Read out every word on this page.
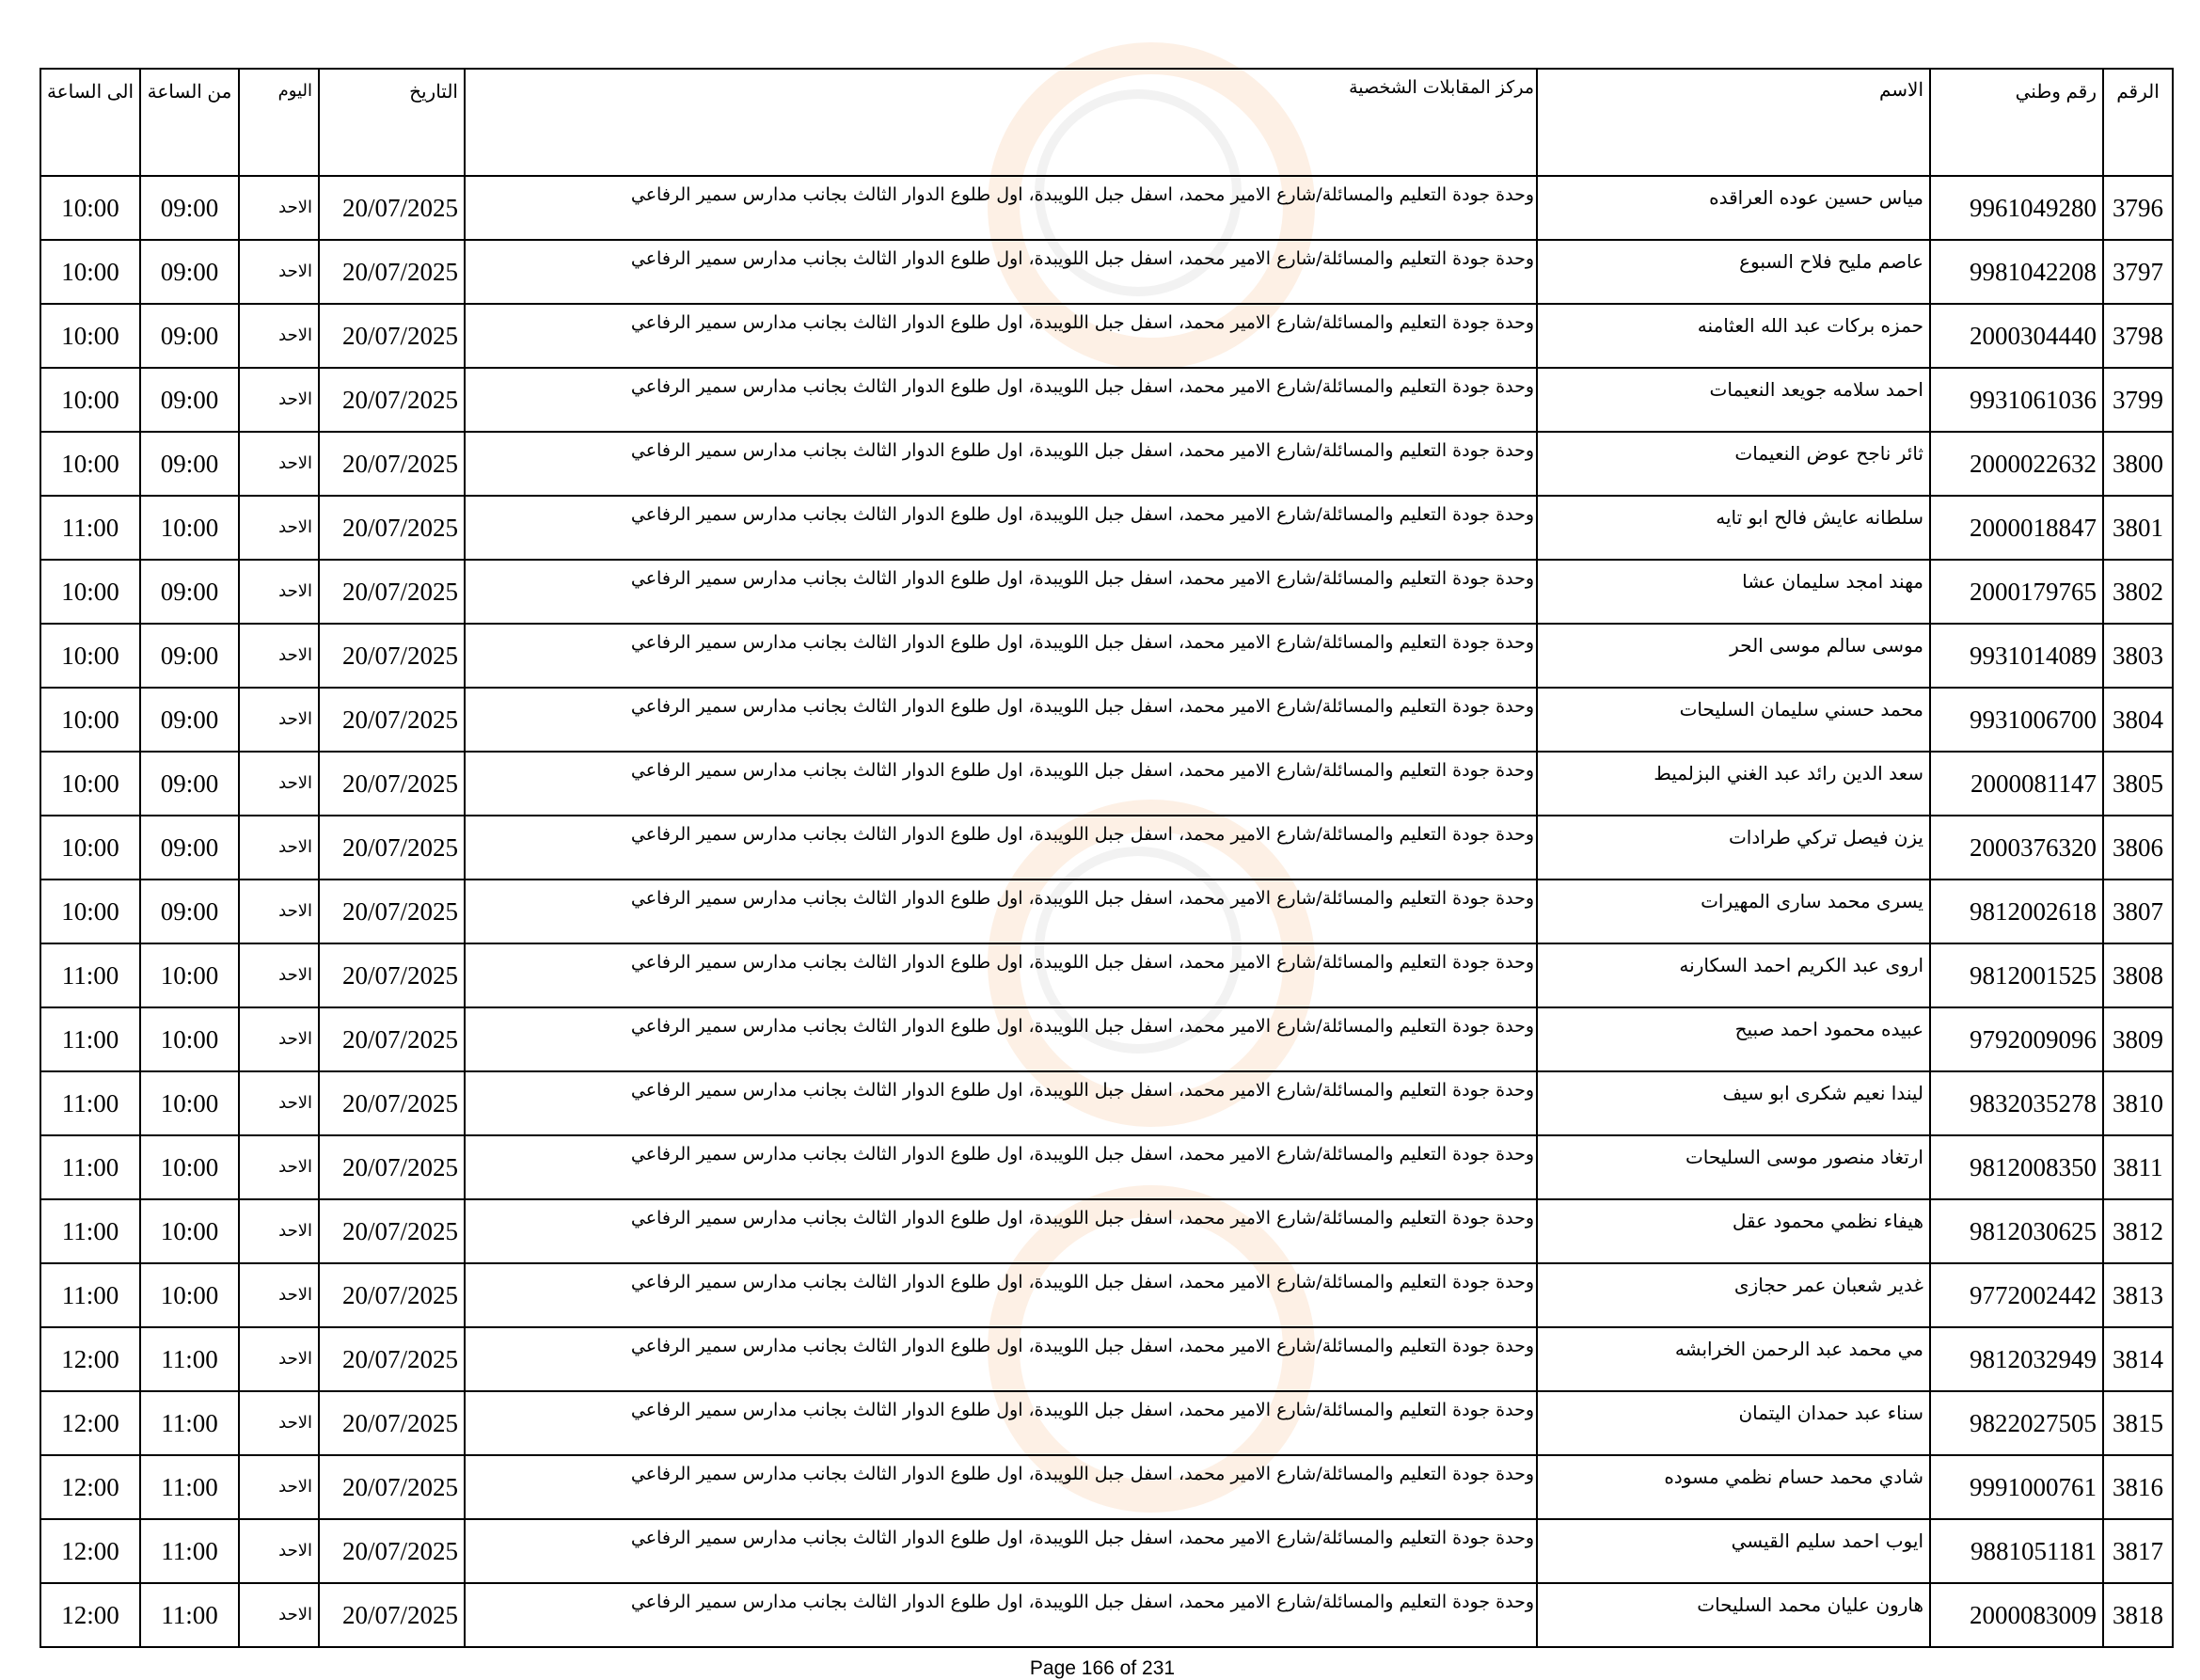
الرقم	رقم وطني	الاسم	مركز المقابلات الشخصية	التاريخ	اليوم	من الساعة	الى الساعة
3796	9961049280	مياس حسين عوده العراقده	وحدة جودة التعليم والمسائلة/شارع الامير محمد، اسفل جبل اللويبدة، اول طلوع الدوار الثالث بجانب مدارس سمير الرفاعي	20/07/2025	الاحد	09:00	10:00
3797	9981042208	عاصم مليح فلاح السبوع	وحدة جودة التعليم والمسائلة/شارع الامير محمد، اسفل جبل اللويبدة، اول طلوع الدوار الثالث بجانب مدارس سمير الرفاعي	20/07/2025	الاحد	09:00	10:00
3798	2000304440	حمزه بركات عبد الله العثامنه	وحدة جودة التعليم والمسائلة/شارع الامير محمد، اسفل جبل اللويبدة، اول طلوع الدوار الثالث بجانب مدارس سمير الرفاعي	20/07/2025	الاحد	09:00	10:00
3799	9931061036	احمد سلامه جويعد النعيمات	وحدة جودة التعليم والمسائلة/شارع الامير محمد، اسفل جبل اللويبدة، اول طلوع الدوار الثالث بجانب مدارس سمير الرفاعي	20/07/2025	الاحد	09:00	10:00
3800	2000022632	ثائر ناجح عوض النعيمات	وحدة جودة التعليم والمسائلة/شارع الامير محمد، اسفل جبل اللويبدة، اول طلوع الدوار الثالث بجانب مدارس سمير الرفاعي	20/07/2025	الاحد	09:00	10:00
3801	2000018847	سلطانه عايش فالح ابو تايه	وحدة جودة التعليم والمسائلة/شارع الامير محمد، اسفل جبل اللويبدة، اول طلوع الدوار الثالث بجانب مدارس سمير الرفاعي	20/07/2025	الاحد	10:00	11:00
3802	2000179765	مهند امجد سليمان عشا	وحدة جودة التعليم والمسائلة/شارع الامير محمد، اسفل جبل اللويبدة، اول طلوع الدوار الثالث بجانب مدارس سمير الرفاعي	20/07/2025	الاحد	09:00	10:00
3803	9931014089	موسى سالم موسى الحر	وحدة جودة التعليم والمسائلة/شارع الامير محمد، اسفل جبل اللويبدة، اول طلوع الدوار الثالث بجانب مدارس سمير الرفاعي	20/07/2025	الاحد	09:00	10:00
3804	9931006700	محمد حسني سليمان السليحات	وحدة جودة التعليم والمسائلة/شارع الامير محمد، اسفل جبل اللويبدة، اول طلوع الدوار الثالث بجانب مدارس سمير الرفاعي	20/07/2025	الاحد	09:00	10:00
3805	2000081147	سعد الدين رائد عبد الغني البزلميط	وحدة جودة التعليم والمسائلة/شارع الامير محمد، اسفل جبل اللويبدة، اول طلوع الدوار الثالث بجانب مدارس سمير الرفاعي	20/07/2025	الاحد	09:00	10:00
3806	2000376320	يزن فيصل تركي طرادات	وحدة جودة التعليم والمسائلة/شارع الامير محمد، اسفل جبل اللويبدة، اول طلوع الدوار الثالث بجانب مدارس سمير الرفاعي	20/07/2025	الاحد	09:00	10:00
3807	9812002618	يسرى محمد سارى المهيرات	وحدة جودة التعليم والمسائلة/شارع الامير محمد، اسفل جبل اللويبدة، اول طلوع الدوار الثالث بجانب مدارس سمير الرفاعي	20/07/2025	الاحد	09:00	10:00
3808	9812001525	اروى عبد الكريم احمد السكارنه	وحدة جودة التعليم والمسائلة/شارع الامير محمد، اسفل جبل اللويبدة، اول طلوع الدوار الثالث بجانب مدارس سمير الرفاعي	20/07/2025	الاحد	10:00	11:00
3809	9792009096	عبيده محمود احمد صبيح	وحدة جودة التعليم والمسائلة/شارع الامير محمد، اسفل جبل اللويبدة، اول طلوع الدوار الثالث بجانب مدارس سمير الرفاعي	20/07/2025	الاحد	10:00	11:00
3810	9832035278	ليندا نعيم شكرى ابو سيف	وحدة جودة التعليم والمسائلة/شارع الامير محمد، اسفل جبل اللويبدة، اول طلوع الدوار الثالث بجانب مدارس سمير الرفاعي	20/07/2025	الاحد	10:00	11:00
3811	9812008350	ارتغاد منصور موسى السليحات	وحدة جودة التعليم والمسائلة/شارع الامير محمد، اسفل جبل اللويبدة، اول طلوع الدوار الثالث بجانب مدارس سمير الرفاعي	20/07/2025	الاحد	10:00	11:00
3812	9812030625	هيفاء نظمي محمود عقل	وحدة جودة التعليم والمسائلة/شارع الامير محمد، اسفل جبل اللويبدة، اول طلوع الدوار الثالث بجانب مدارس سمير الرفاعي	20/07/2025	الاحد	10:00	11:00
3813	9772002442	غدير شعبان عمر حجازى	وحدة جودة التعليم والمسائلة/شارع الامير محمد، اسفل جبل اللويبدة، اول طلوع الدوار الثالث بجانب مدارس سمير الرفاعي	20/07/2025	الاحد	10:00	11:00
3814	9812032949	مي محمد عبد الرحمن الخرابشه	وحدة جودة التعليم والمسائلة/شارع الامير محمد، اسفل جبل اللويبدة، اول طلوع الدوار الثالث بجانب مدارس سمير الرفاعي	20/07/2025	الاحد	11:00	12:00
3815	9822027505	سناء عبد حمدان اليتمان	وحدة جودة التعليم والمسائلة/شارع الامير محمد، اسفل جبل اللويبدة، اول طلوع الدوار الثالث بجانب مدارس سمير الرفاعي	20/07/2025	الاحد	11:00	12:00
3816	9991000761	شادي محمد حسام نظمي مسوده	وحدة جودة التعليم والمسائلة/شارع الامير محمد، اسفل جبل اللويبدة، اول طلوع الدوار الثالث بجانب مدارس سمير الرفاعي	20/07/2025	الاحد	11:00	12:00
3817	9881051181	ايوب احمد سليم القيسي	وحدة جودة التعليم والمسائلة/شارع الامير محمد، اسفل جبل اللويبدة، اول طلوع الدوار الثالث بجانب مدارس سمير الرفاعي	20/07/2025	الاحد	11:00	12:00
3818	2000083009	هارون عليان محمد السليحات	وحدة جودة التعليم والمسائلة/شارع الامير محمد، اسفل جبل اللويبدة، اول طلوع الدوار الثالث بجانب مدارس سمير الرفاعي	20/07/2025	الاحد	11:00	12:00
Page 166 of 231
